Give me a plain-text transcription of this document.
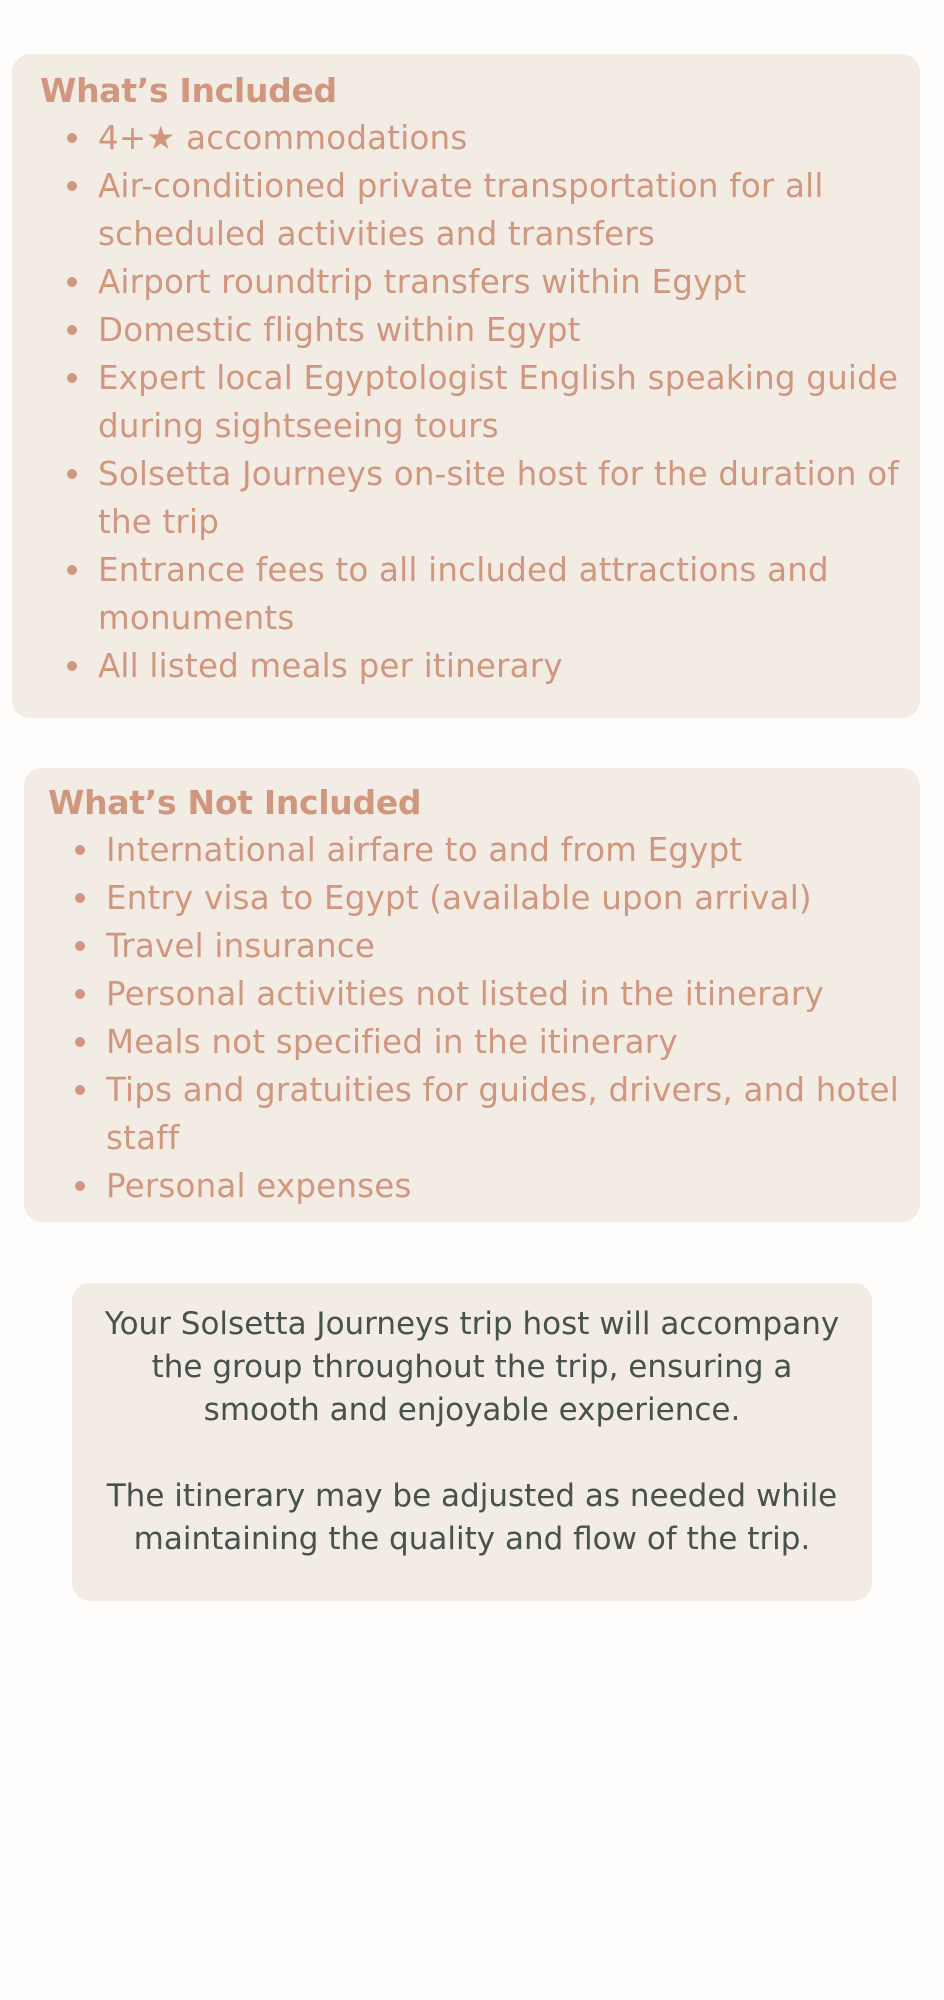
What’s Included
4+★ accommodations
Air-conditioned private transportation for all scheduled activities and transfers
Airport roundtrip transfers within Egypt
Domestic flights within Egypt
Expert local Egyptologist English speaking guide during sightseeing tours
Solsetta Journeys on-site host for the duration of the trip
Entrance fees to all included attractions and monuments
All listed meals per itinerary
What’s Not Included
International airfare to and from Egypt
Entry visa to Egypt (available upon arrival)
Travel insurance
Personal activities not listed in the itinerary
Meals not specified in the itinerary
Tips and gratuities for guides, drivers, and hotel staff
Personal expenses

Your Solsetta Journeys trip host will accompany the group throughout the trip, ensuring a smooth and enjoyable experience.

The itinerary may be adjusted as needed while maintaining the quality and flow of the trip.
